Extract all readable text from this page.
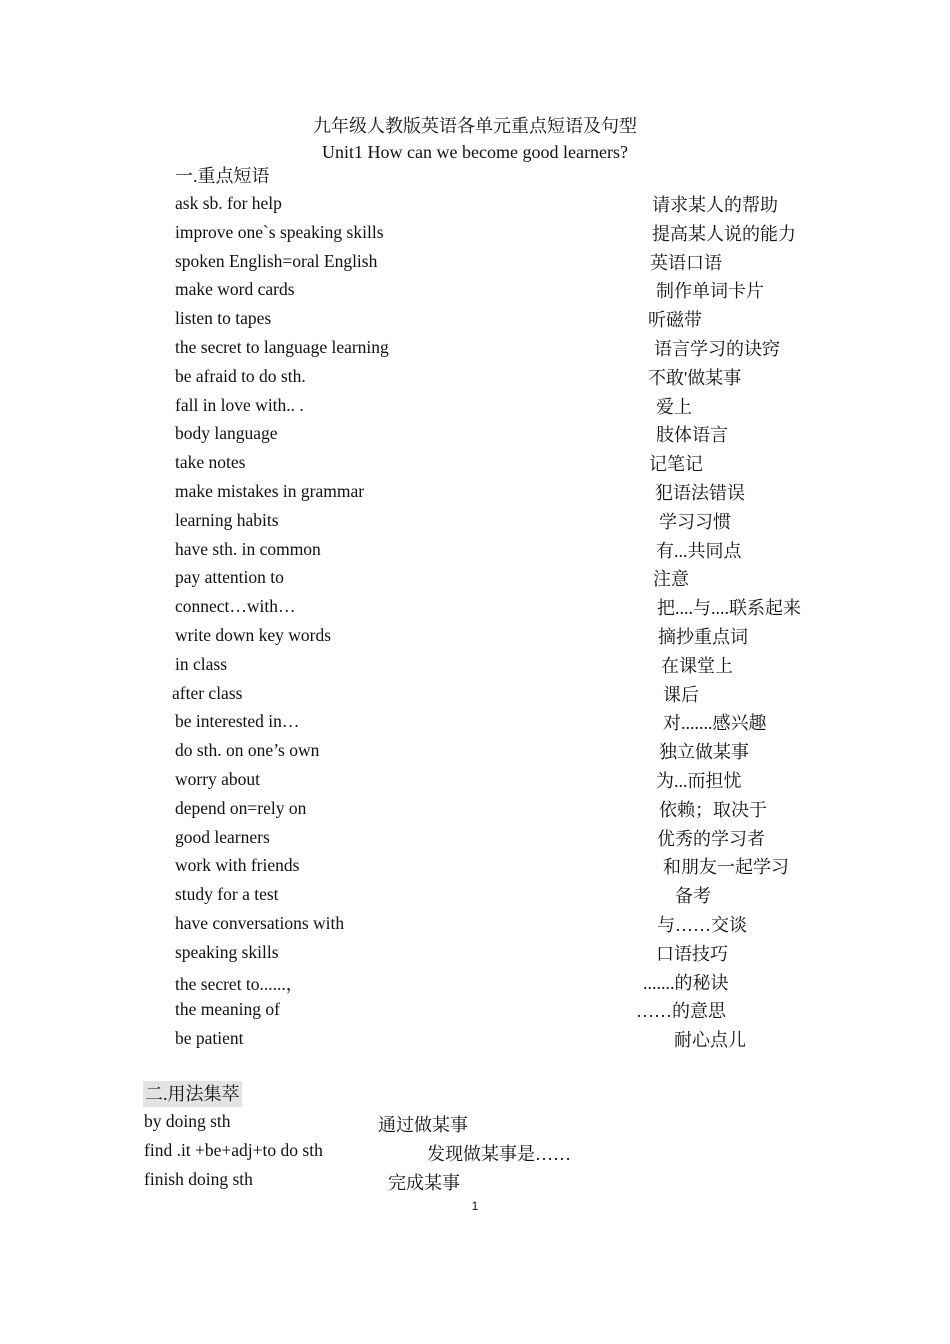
九年级人教版英语各单元重点短语及句型
Unit1 How can we become good learners?
一.重点短语
ask sb. for help	请求某人的帮助
improve one`s speaking skills	提高某人说的能力
spoken English=oral English	英语口语
make word cards	制作单词卡片
listen to tapes	听磁带
the secret to language learning	语言学习的诀窍
be afraid to do sth.	不敢'做某事
fall in love with.. .	爱上
body language	肢体语言
take notes	记笔记
make mistakes in grammar	犯语法错误
learning habits	学习习惯
have sth. in common	有...共同点
pay attention to	注意
connect…with…	把....与....联系起来
write down key words	摘抄重点词
in class	在课堂上
after class	课后
be interested in…	对.......感兴趣
do sth. on one’s own	独立做某事
worry about	为...而担忧
depend on=rely on	依赖；取决于
good learners	优秀的学习者
work with friends	和朋友一起学习
study for a test	备考
have conversations with	与……交谈
speaking skills	口语技巧
the secret to......，	.......的秘诀
the meaning of	……的意思
be patient	耐心点儿
二.用法集萃
by doing sth	通过做某事
find .it +be+adj+to do sth	发现做某事是……
finish doing sth	完成某事
1
